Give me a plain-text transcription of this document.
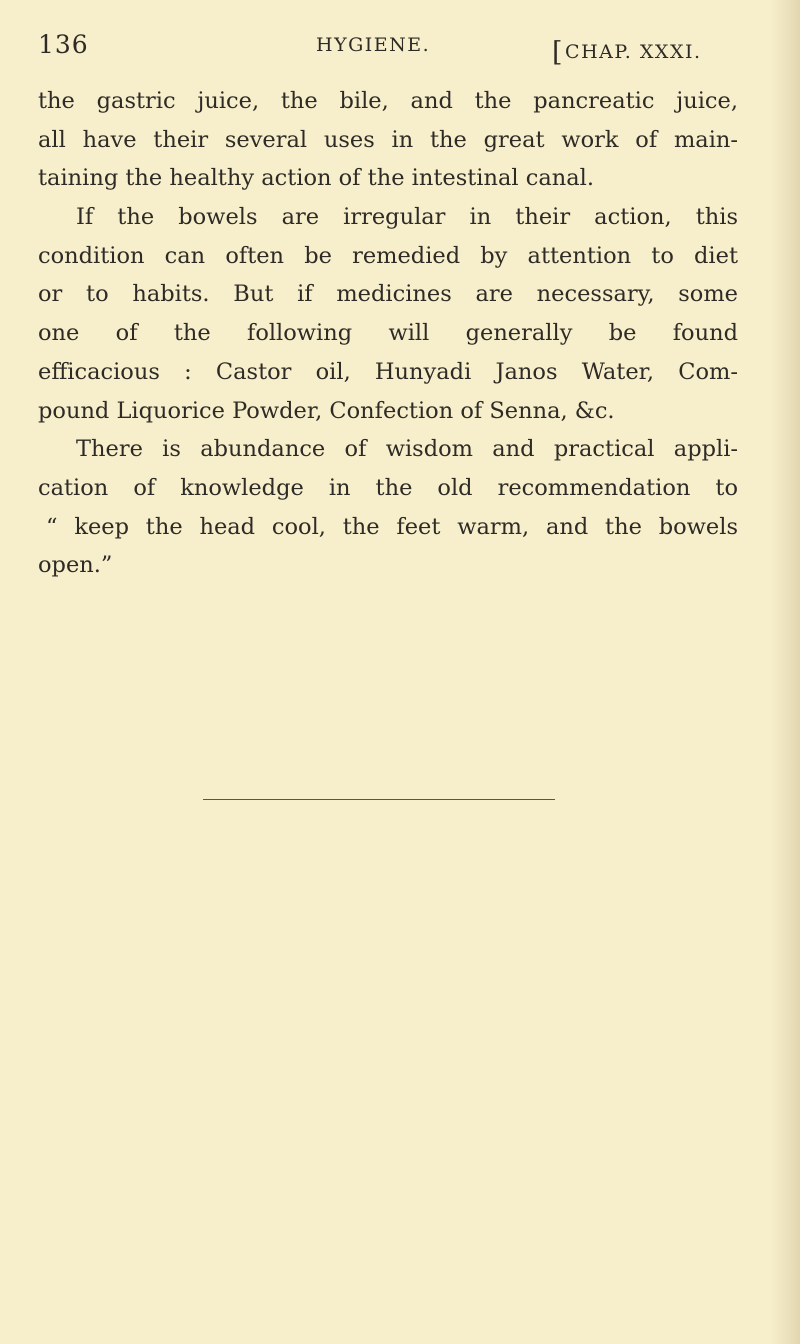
136	HYGIENE.	[CHAP. XXXI.
the gastric juice, the bile, and the pancreatic juice,
all have their several uses in the great work of main-
taining the healthy action of the intestinal canal.
If the bowels are irregular in their action, this
condition can often be remedied by attention to diet
or to habits. But if medicines are necessary, some
one of the following will generally be found
efficacious : Castor oil, Hunyadi Janos Water, Com-
pound Liquorice Powder, Confection of Senna, &c.
There is abundance of wisdom and practical appli-
cation of knowledge in the old recommendation to
“ keep the head cool, the feet warm, and the bowels
open.”
